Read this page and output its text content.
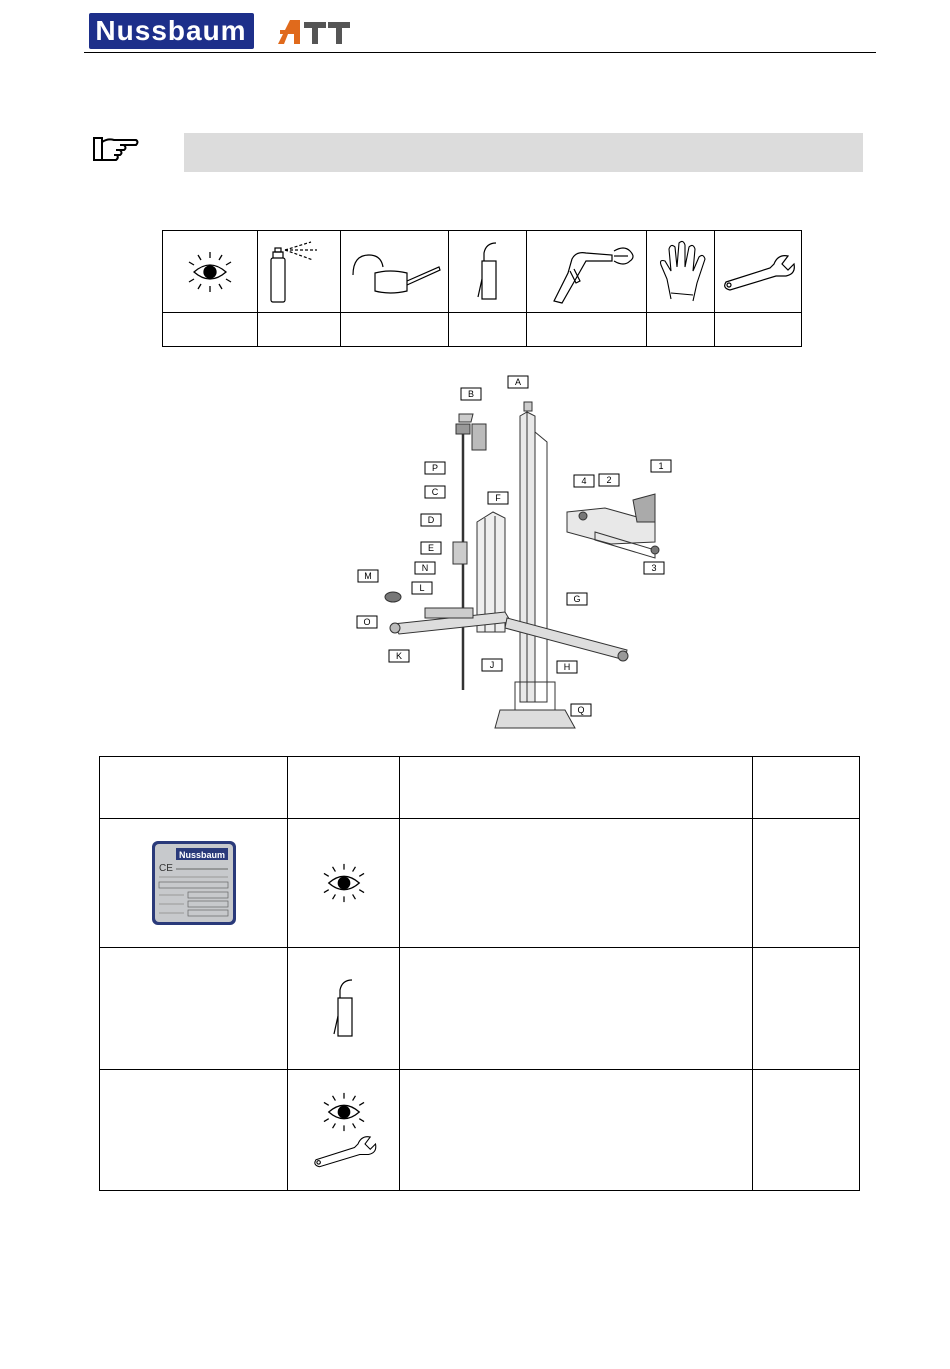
Nussbaum

A
B
P
C
F
D
E
N
M
L
G
O
K
J	H
Q
1
2
3
4

Nussbaum
CE
